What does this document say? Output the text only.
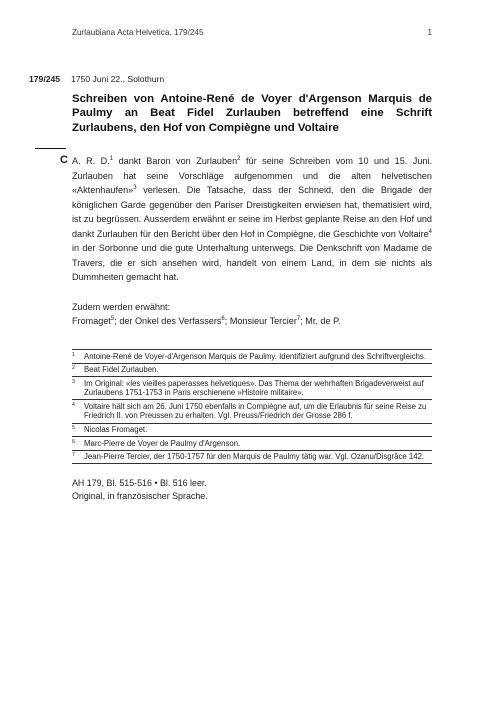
Zurlaubiana Acta Helvetica, 179/245	1
179/245 1750 Juni 22., Solothurn
Schreiben von Antoine-René de Voyer d'Argenson Marquis de Paulmy an Beat Fidel Zurlauben betreffend eine Schrift Zurlaubens, den Hof von Compiègne und Voltaire
C A. R. D.$^1$ dankt Baron von Zurlauben$^2$ für seine Schreiben vom 10 und 15. Juni. Zurlauben hat seine Vorschläge aufgenommen und die alten helvetischen «Aktenhaufen»$^3$ verlesen. Die Tatsache, dass der Schneid, den die Brigade der königlichen Garde gegenüber den Pariser Dreistigkeiten erwiesen hat, thematisiert wird, ist zu begrüssen. Ausserdem erwähnt er seine im Herbst geplante Reise an den Hof und dankt Zurlauben für den Bericht über den Hof in Compiègne, die Geschichte von Voltaire$^4$ in der Sorbonne und die gute Unterhaltung unterwegs. Die Denkschrift von Madame de Travers, die er sich ansehen wird, handelt von einem Land, in dem sie nichts als Dummheiten gemacht hat.
Zudem werden erwähnt:
Fromaget$^5$; der Onkel des Verfassers$^6$; Monsieur Tercier$^7$; Mr. de P.
1	Antoine-René de Voyer-d'Argenson Marquis de Paulmy. Identifiziert aufgrund des Schriftvergleichs.
2	Beat Fidel Zurlauben.
3	Im Original: «les vieilles paperasses helvetiques». Das Thema der wehrhaften Brigadeverweist auf Zurlaubens 1751-1753 in Paris erschienene »Histoire militaire».
4	Voltaire hält sich am 26. Juni 1750 ebenfalls in Compiègne auf, um die Erlaubnis für seine Reise zu Friedrich II. von Preussen zu erhalten. Vgl. Preuss/Friedrich der Grosse 286 f.
5	Nicolas Fromaget.
6	Marc-Pierre de Voyer de Paulmy d'Argenson.
7	Jean-Pierre Tercier, der 1750-1757 für den Marquis de Paulmy tätig war. Vgl. Ozanu/Disgrâce 142.
AH 179, Bl. 515-516 • Bl. 516 leer.
Original, in französischer Sprache.
